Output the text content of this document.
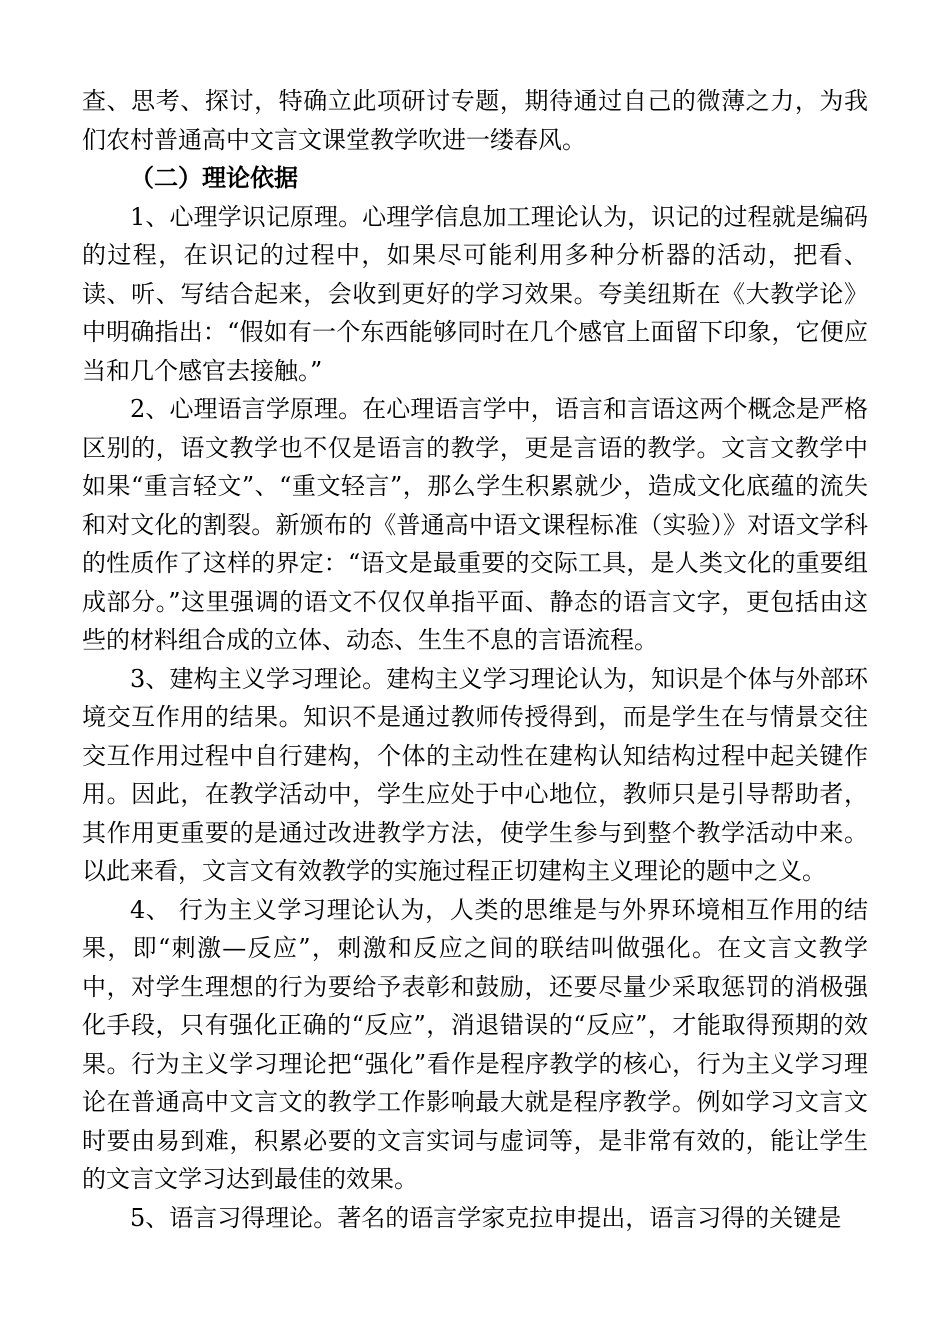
查、思考、探讨，特确立此项研讨专题，期待通过自己的微薄之力，为我们农村普通高中文言文课堂教学吹进一缕春风。

（二）理论依据

1、心理学识记原理。心理学信息加工理论认为，识记的过程就是编码的过程，在识记的过程中，如果尽可能利用多种分析器的活动，把看、读、听、写结合起来，会收到更好的学习效果。夸美纽斯在《大教学论》中明确指出：“假如有一个东西能够同时在几个感官上面留下印象，它便应当和几个感官去接触。”

2、心理语言学原理。在心理语言学中，语言和言语这两个概念是严格区别的，语文教学也不仅是语言的教学，更是言语的教学。文言文教学中如果“重言轻文”、“重文轻言”，那么学生积累就少，造成文化底蕴的流失和对文化的割裂。新颁布的《普通高中语文课程标准（实验）》对语文学科的性质作了这样的界定：“语文是最重要的交际工具，是人类文化的重要组成部分。”这里强调的语文不仅仅单指平面、静态的语言文字，更包括由这些的材料组合成的立体、动态、生生不息的言语流程。

3、建构主义学习理论。建构主义学习理论认为，知识是个体与外部环境交互作用的结果。知识不是通过教师传授得到，而是学生在与情景交往交互作用过程中自行建构，个体的主动性在建构认知结构过程中起关键作用。因此，在教学活动中，学生应处于中心地位，教师只是引导帮助者，其作用更重要的是通过改进教学方法，使学生参与到整个教学活动中来。以此来看，文言文有效教学的实施过程正切建构主义理论的题中之义。

4、 行为主义学习理论认为，人类的思维是与外界环境相互作用的结果，即“刺激—反应”，刺激和反应之间的联结叫做强化。在文言文教学中，对学生理想的行为要给予表彰和鼓励，还要尽量少采取惩罚的消极强化手段，只有强化正确的“反应”，消退错误的“反应”，才能取得预期的效果。行为主义学习理论把“强化”看作是程序教学的核心，行为主义学习理论在普通高中文言文的教学工作影响最大就是程序教学。例如学习文言文时要由易到难，积累必要的文言实词与虚词等，是非常有效的，能让学生的文言文学习达到最佳的效果。

5、语言习得理论。著名的语言学家克拉申提出，语言习得的关键是
